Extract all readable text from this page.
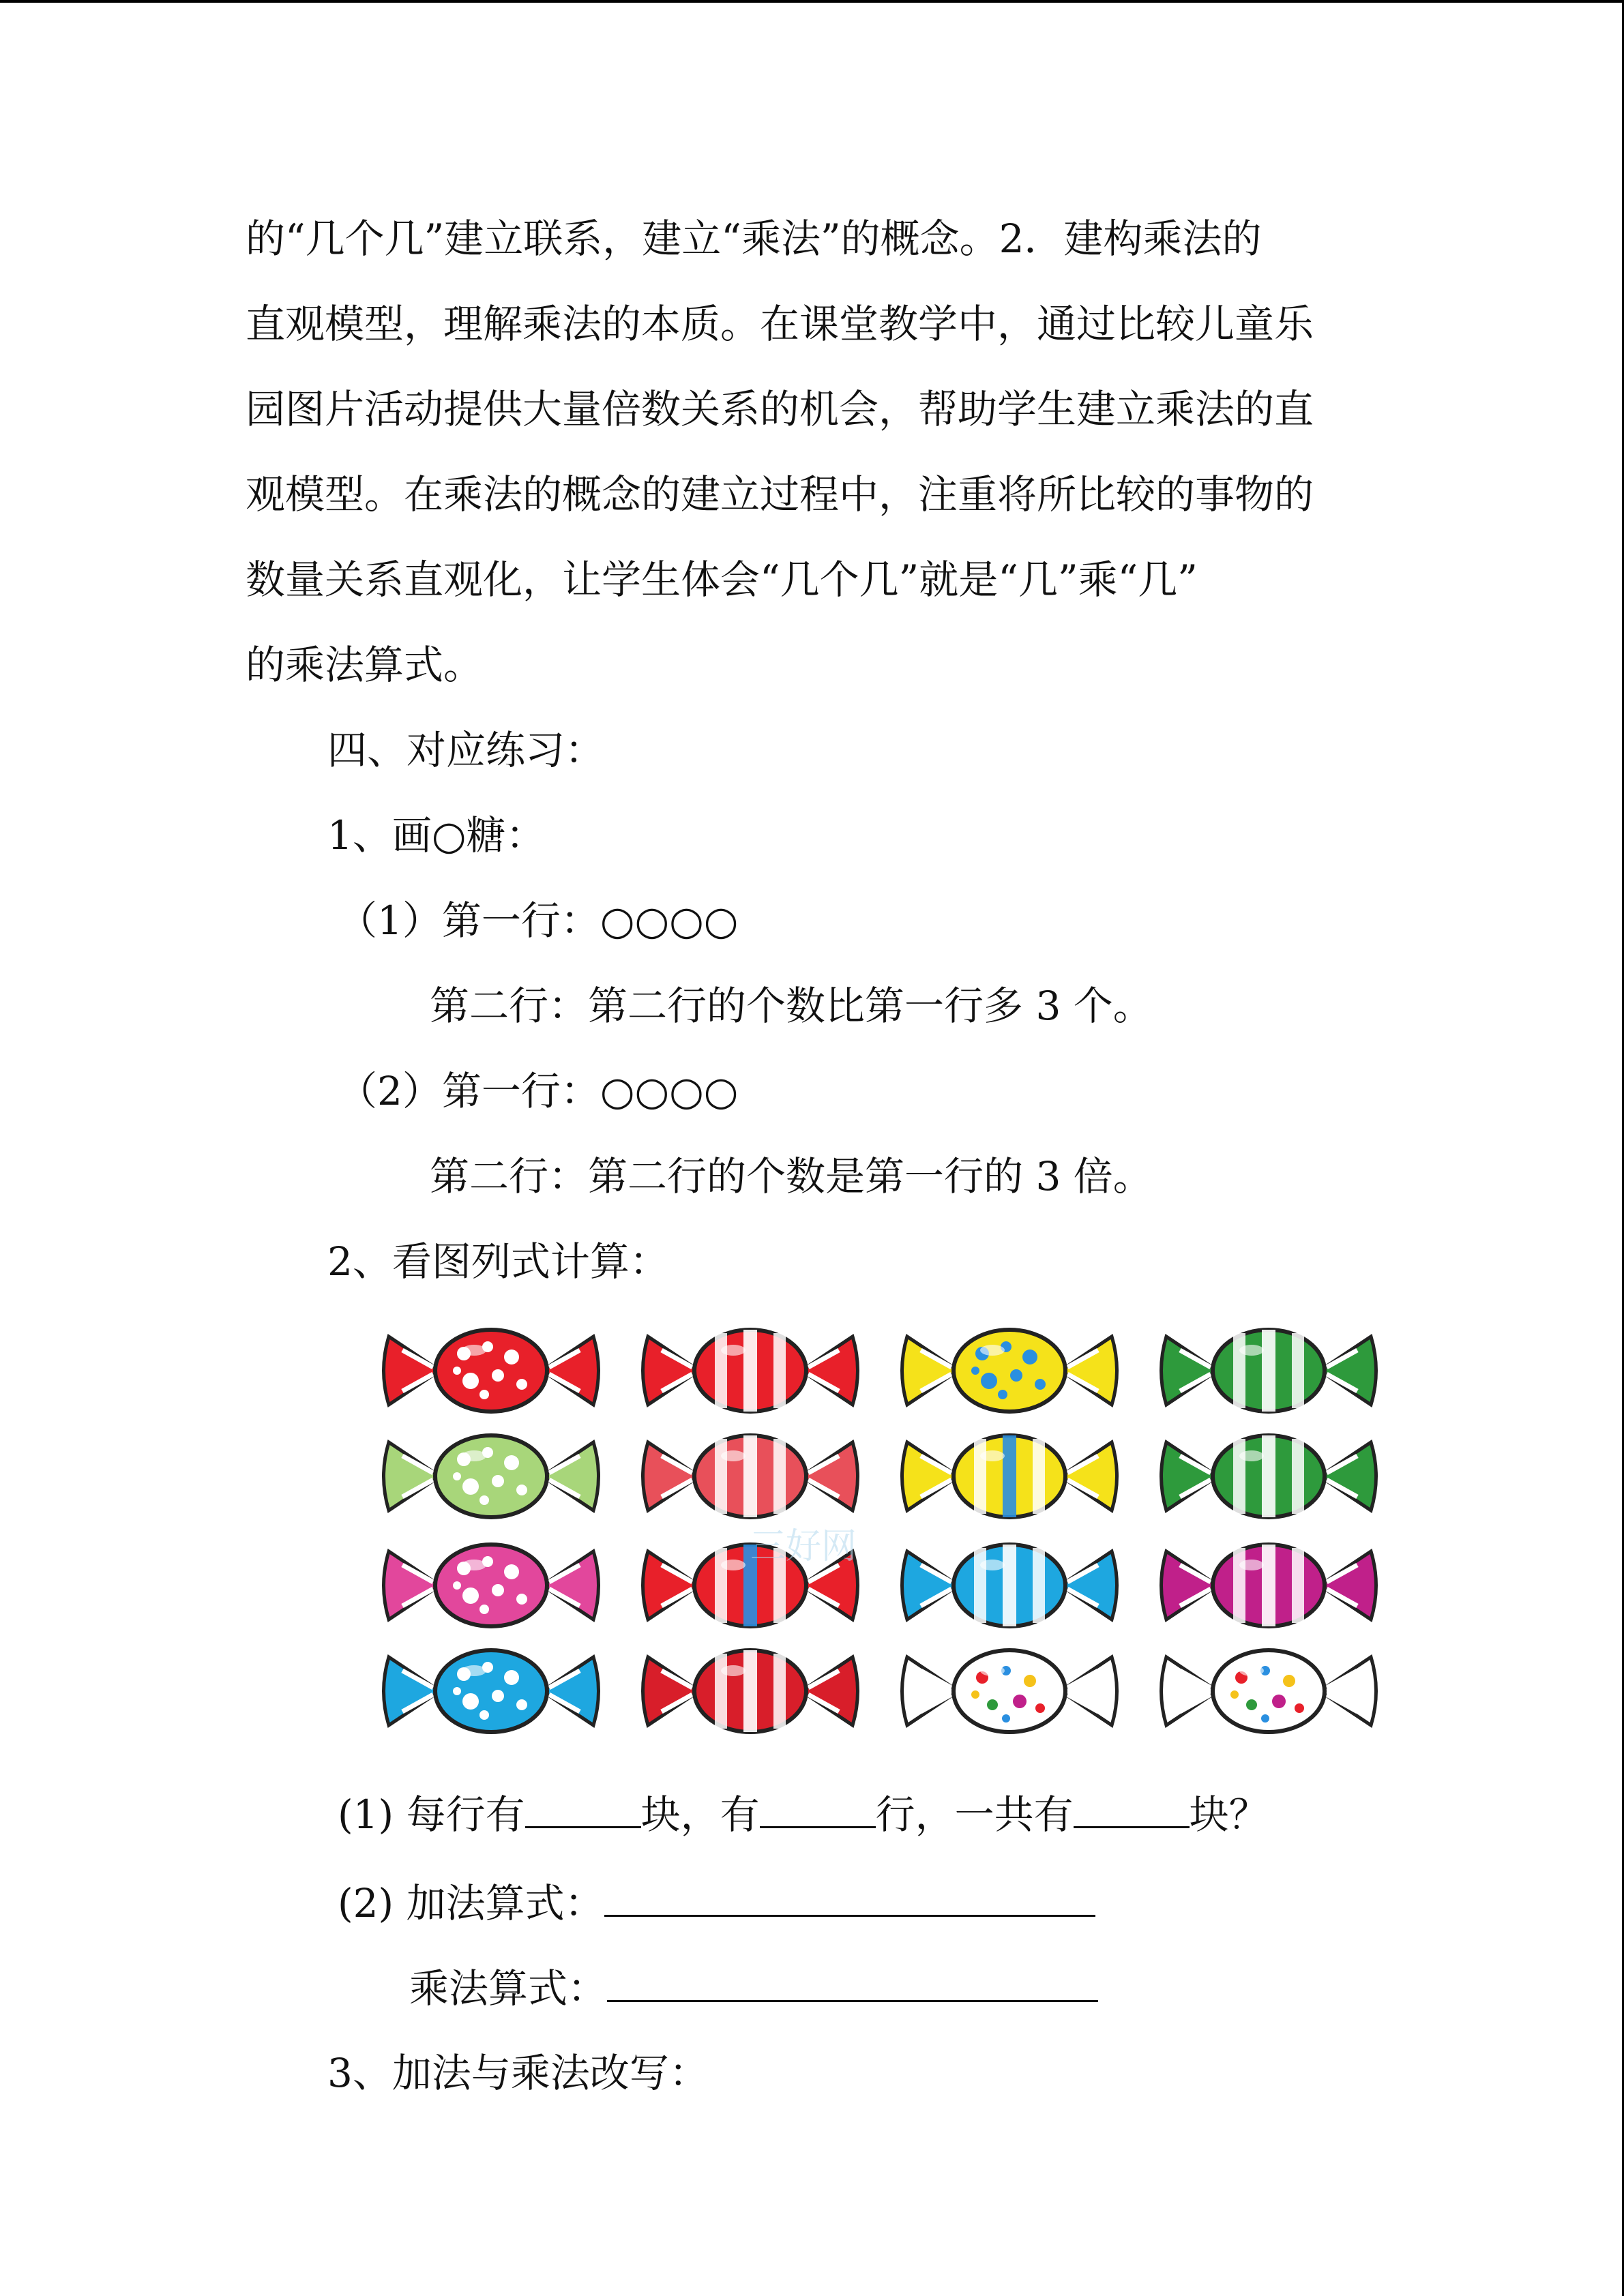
的“几个几”建立联系，建立“乘法”的概念。2．建构乘法的
直观模型，理解乘法的本质。在课堂教学中，通过比较儿童乐
园图片活动提供大量倍数关系的机会，帮助学生建立乘法的直
观模型。在乘法的概念的建立过程中，注重将所比较的事物的
数量关系直观化，让学生体会“几个几”就是“几”乘“几”
的乘法算式。
四、对应练习：
1、画○糖：
（1）第一行：○○○○
第二行：第二行的个数比第一行多 3 个。
（2）第一行：○○○○
第二行：第二行的个数是第一行的 3 倍。
2、看图列式计算：
三好网
(1) 每行有	块，有	行，一共有	块？
(2) 加法算式：
乘法算式：
3、加法与乘法改写：
